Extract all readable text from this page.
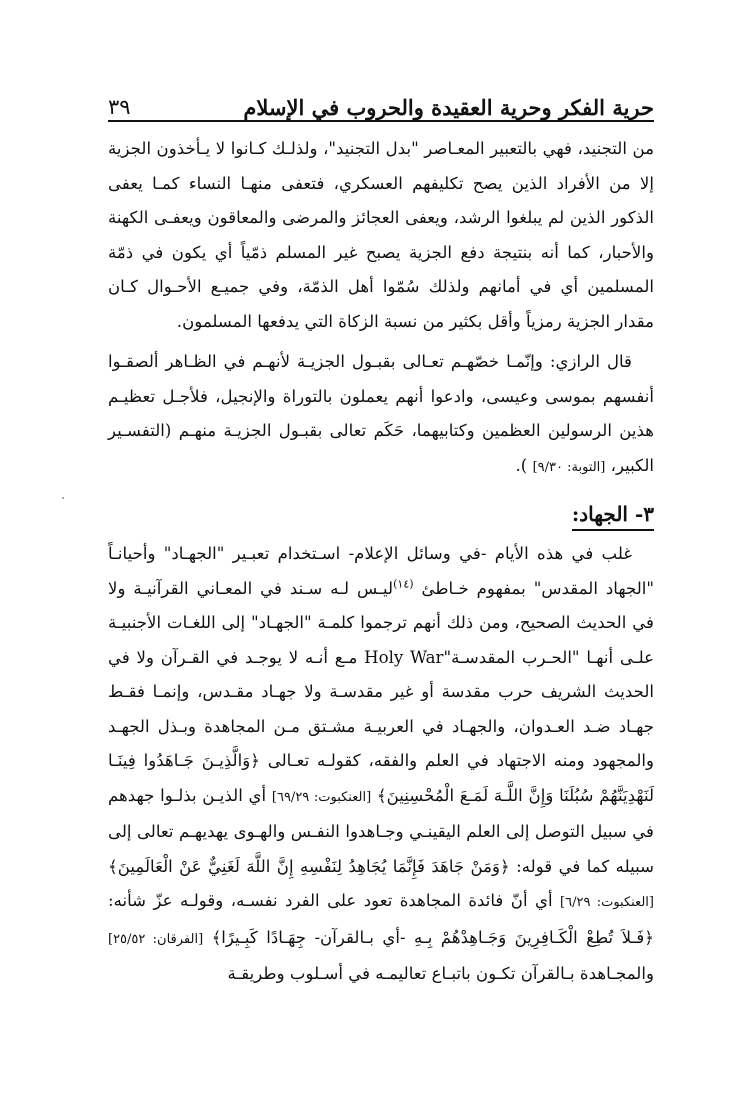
حرية الفكر وحرية العقيدة والحروب في الإسلام
٣٩

من التجنيد، فهي بالتعبير المعـاصر "بدل التجنيد"، ولذلـك كـانوا لا يـأخذون الجزية إلا من الأفراد الذين يصح تكليفهم العسكري، فتعفى منهـا النساء كمـا يعفى الذكور الذين لم يبلغوا الرشد، ويعفى العجائز والمرضى والمعاقون ويعفـى الكهنة والأحبار، كما أنه بنتيجة دفع الجزية يصبح غير المسلم ذمّياً أي يكون في ذمّة المسلمين أي في أمانهم ولذلك سُمّوا أهل الذمّة، وفي جميـع الأحـوال كـان مقدار الجزية رمزياً وأقل بكثير من نسبة الزكاة التي يدفعها المسلمون.

قال الرازي: وإنّمـا خصّهـم تعـالى بقبـول الجزيـة لأنهـم في الظـاهر ألصقـوا أنفسهم بموسى وعيسى، وادعوا أنهم يعملون بالتوراة والإنجيل، فلأجـل تعظيـم هذين الرسولين العظمين وكتابيهما، حَكَم تعالى بقبـول الجزيـة منهـم (التفسـير الكبير، [التوبة: ٩/٣٠] ).

٣- الجهاد:

غلب في هذه الأيام -في وسائل الإعلام- اسـتخدام تعبـير "الجهـاد" وأحيانـاً "الجهاد المقدس" بمفهوم خـاطئ $^{(١٤)}$ليـس لـه سـند في المعـاني القرآنيـة ولا في الحديث الصحيح، ومن ذلك أنهم ترجموا كلمـة "الجهـاد" إلى اللغـات الأجنبيـة علـى أنهـا "الحـرب المقدسـة"Holy War مـع أنـه لا يوجـد في القـرآن ولا في الحديث الشريف حرب مقدسة أو غير مقدسـة ولا جهـاد مقـدس، وإنمـا فقـط جهـاد ضـد العـدوان، والجهـاد في العربيـة مشـتق مـن المجاهدة وبـذل الجهـد والمجهود ومنه الاجتهاد في العلم والفقه، كقولـه تعـالى ﴿وَالَّذِيـنَ جَـاهَدُوا فِينَـا لَنَهْدِيَنَّهُمْ سُبُلَنَا وَإِنَّ اللَّـهَ لَمَـعَ الْمُحْسِنِينَ﴾ [العنكبوت: ٦٩/٢٩] أي الذيـن بذلـوا جهدهم في سبيل التوصل إلى العلم اليقينـي وجـاهدوا النفـس والهـوى يهديهـم تعالى إلى سبيله كما في قوله: ﴿وَمَنْ جَاهَدَ فَإِنَّمَا يُجَاهِدُ لِنَفْسِهِ إِنَّ اللَّهَ لَغَنِيٌّ عَنْ الْعَالَمِينَ﴾ [العنكبوت: ٦/٢٩] أي أنّ فائدة المجاهدة تعود على الفرد نفسـه، وقولـه عزّ شأنه: ﴿فَـلاَ تُطِعْ الْكَـافِرِينَ وَجَـاهِدْهُمْ بِـهِ -أي بـالقرآن- جِهَـادًا كَبِـيرًا﴾ [الفرقان: ٢٥/٥٢] والمجـاهدة بـالقرآن تكـون باتبـاع تعاليمـه في أسـلوب وطريقـة
